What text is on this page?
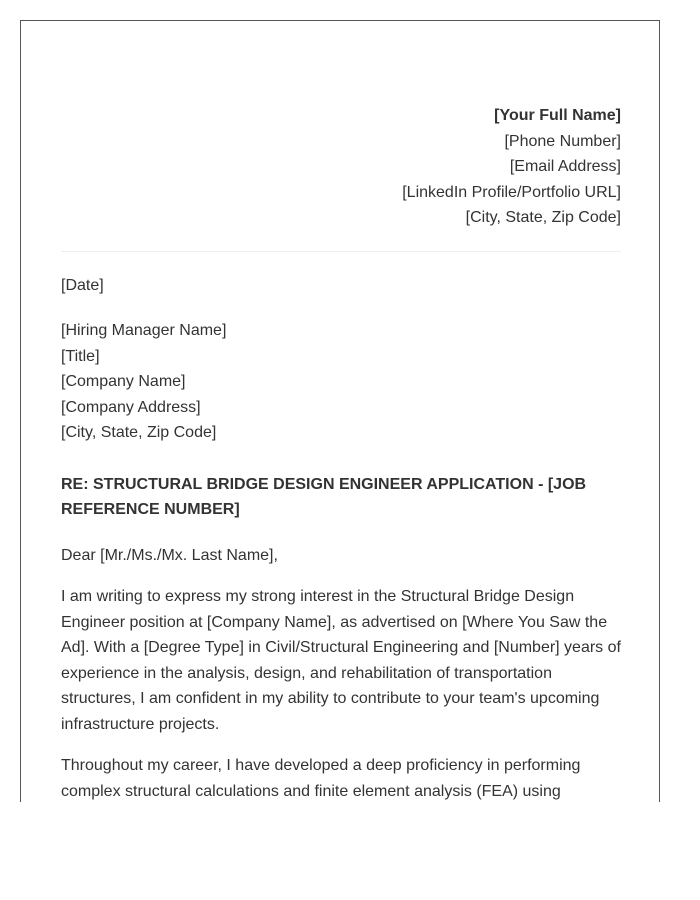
[Your Full Name]
[Phone Number]
[Email Address]
[LinkedIn Profile/Portfolio URL]
[City, State, Zip Code]
[Date]
[Hiring Manager Name]
[Title]
[Company Name]
[Company Address]
[City, State, Zip Code]
RE: STRUCTURAL BRIDGE DESIGN ENGINEER APPLICATION - [JOB
REFERENCE NUMBER]
Dear [Mr./Ms./Mx. Last Name],

I am writing to express my strong interest in the Structural Bridge Design
Engineer position at [Company Name], as advertised on [Where You Saw the
Ad]. With a [Degree Type] in Civil/Structural Engineering and [Number] years of
experience in the analysis, design, and rehabilitation of transportation
structures, I am confident in my ability to contribute to your team's upcoming
infrastructure projects.

Throughout my career, I have developed a deep proficiency in performing
complex structural calculations and finite element analysis (FEA) using
